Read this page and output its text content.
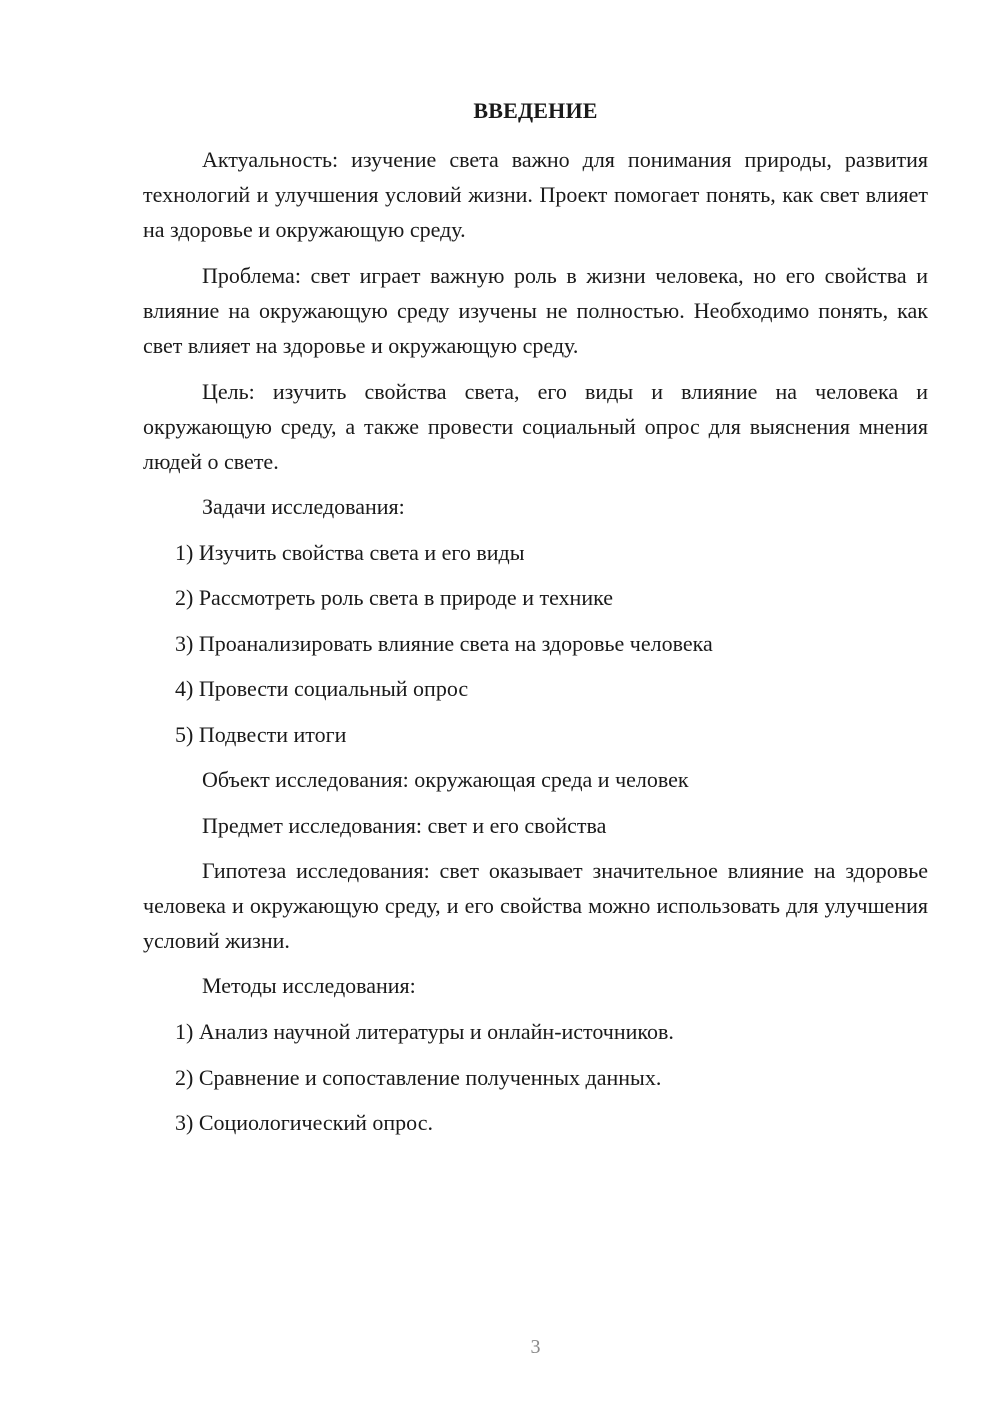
ВВЕДЕНИЕ

Актуальность: изучение света важно для понимания природы, развития технологий и улучшения условий жизни. Проект помогает понять, как свет влияет на здоровье и окружающую среду.

Проблема: свет играет важную роль в жизни человека, но его свойства и влияние на окружающую среду изучены не полностью. Необходимо понять, как свет влияет на здоровье и окружающую среду.

Цель: изучить свойства света, его виды и влияние на человека и окружающую среду, а также провести социальный опрос для выяснения мнения людей о свете.

Задачи исследования:

1) Изучить свойства света и его виды

2) Рассмотреть роль света в природе и технике

3) Проанализировать влияние света на здоровье человека

4) Провести социальный опрос

5) Подвести итоги

Объект исследования: окружающая среда и человек

Предмет исследования: свет и его свойства

Гипотеза исследования: свет оказывает значительное влияние на здоровье человека и окружающую среду, и его свойства можно использовать для улучшения условий жизни.

Методы исследования:

1) Анализ научной литературы и онлайн-источников.

2) Сравнение и сопоставление полученных данных.

3) Социологический опрос.

3
